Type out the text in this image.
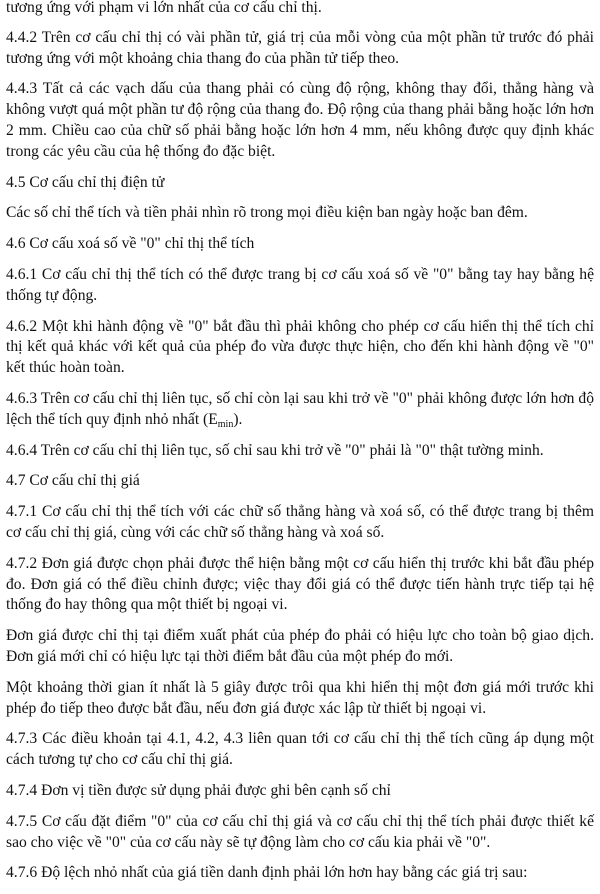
tương ứng với phạm vi lớn nhất của cơ cấu chỉ thị.

4.4.2 Trên cơ cấu chỉ thị có vài phần tử, giá trị của mỗi vòng của một phần tử trước đó phải tương ứng với một khoảng chia thang đo của phần tử tiếp theo.

4.4.3 Tất cả các vạch dấu của thang phải có cùng độ rộng, không thay đổi, thẳng hàng và không vượt quá một phần tư độ rộng của thang đo. Độ rộng của thang phải bằng hoặc lớn hơn 2 mm. Chiều cao của chữ số phải bằng hoặc lớn hơn 4 mm, nếu không được quy định khác trong các yêu cầu của hệ thống đo đặc biệt.

4.5 Cơ cấu chỉ thị điện tử

Các số chỉ thể tích và tiền phải nhìn rõ trong mọi điều kiện ban ngày hoặc ban đêm.

4.6 Cơ cấu xoá số về "0" chỉ thị thể tích

4.6.1 Cơ cấu chỉ thị thể tích có thể được trang bị cơ cấu xoá số về "0" bằng tay hay bằng hệ thống tự động.

4.6.2 Một khi hành động về "0" bắt đầu thì phải không cho phép cơ cấu hiển thị thể tích chỉ thị kết quả khác với kết quả của phép đo vừa được thực hiện, cho đến khi hành động về "0" kết thúc hoàn toàn.

4.6.3 Trên cơ cấu chỉ thị liên tục, số chỉ còn lại sau khi trở về "0" phải không được lớn hơn độ lệch thể tích quy định nhỏ nhất $(E_{min})$.

4.6.4 Trên cơ cấu chỉ thị liên tục, số chỉ sau khi trở về "0" phải là "0" thật tường minh.

4.7 Cơ cấu chỉ thị giá

4.7.1 Cơ cấu chỉ thị thể tích với các chữ số thẳng hàng và xoá số, có thể được trang bị thêm cơ cấu chỉ thị giá, cùng với các chữ số thẳng hàng và xoá số.

4.7.2 Đơn giá được chọn phải được thể hiện bằng một cơ cấu hiển thị trước khi bắt đầu phép đo. Đơn giá có thể điều chỉnh được; việc thay đổi giá có thể được tiến hành trực tiếp tại hệ thống đo hay thông qua một thiết bị ngoại vi.

Đơn giá được chỉ thị tại điểm xuất phát của phép đo phải có hiệu lực cho toàn bộ giao dịch. Đơn giá mới chỉ có hiệu lực tại thời điểm bắt đầu của một phép đo mới.

Một khoảng thời gian ít nhất là 5 giây được trôi qua khi hiển thị một đơn giá mới trước khi phép đo tiếp theo được bắt đầu, nếu đơn giá được xác lập từ thiết bị ngoại vi.

4.7.3 Các điều khoản tại 4.1, 4.2, 4.3 liên quan tới cơ cấu chỉ thị thể tích cũng áp dụng một cách tương tự cho cơ cấu chỉ thị giá.

4.7.4 Đơn vị tiền được sử dụng phải được ghi bên cạnh số chỉ

4.7.5 Cơ cấu đặt điểm "0" của cơ cấu chỉ thị giá và cơ cấu chỉ thị thể tích phải được thiết kế sao cho việc về "0" của cơ cấu này sẽ tự động làm cho cơ cấu kia phải về "0".

4.7.6 Độ lệch nhỏ nhất của giá tiền danh định phải lớn hơn hay bằng các giá trị sau:
